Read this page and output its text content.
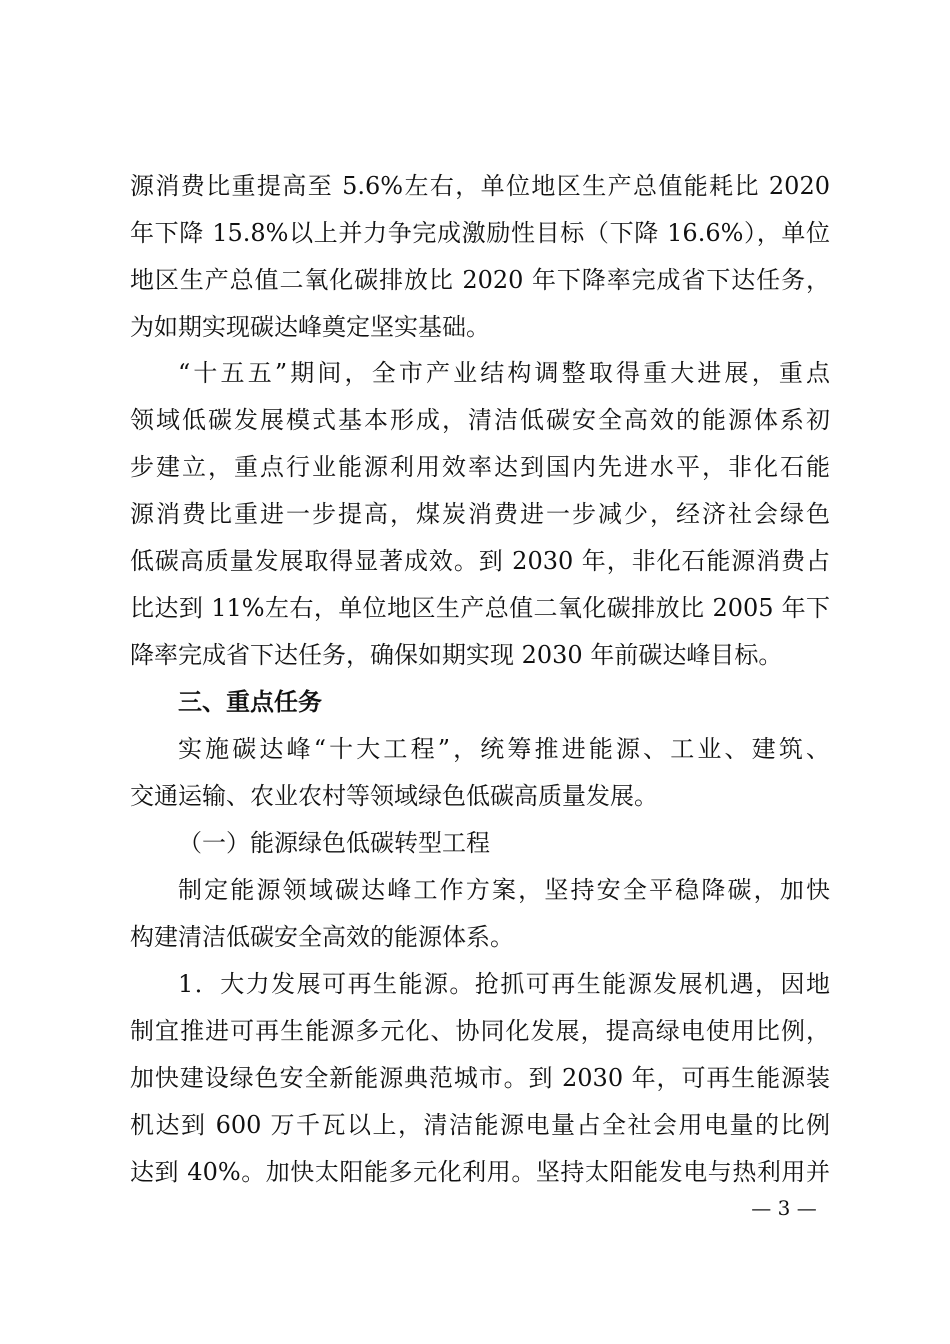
源消费比重提高至 5.6%左右，单位地区生产总值能耗比 2020
年下降 15.8%以上并力争完成激励性目标（下降 16.6%），单位
地区生产总值二氧化碳排放比 2020 年下降率完成省下达任务，
为如期实现碳达峰奠定坚实基础。
“十五五”期间，全市产业结构调整取得重大进展，重点
领域低碳发展模式基本形成，清洁低碳安全高效的能源体系初
步建立，重点行业能源利用效率达到国内先进水平，非化石能
源消费比重进一步提高，煤炭消费进一步减少，经济社会绿色
低碳高质量发展取得显著成效。到 2030 年，非化石能源消费占
比达到 11%左右，单位地区生产总值二氧化碳排放比 2005 年下
降率完成省下达任务，确保如期实现 2030 年前碳达峰目标。
三、重点任务
实施碳达峰“十大工程”，统筹推进能源、工业、建筑、
交通运输、农业农村等领域绿色低碳高质量发展。
（一）能源绿色低碳转型工程
制定能源领域碳达峰工作方案，坚持安全平稳降碳，加快
构建清洁低碳安全高效的能源体系。
1．大力发展可再生能源。抢抓可再生能源发展机遇，因地
制宜推进可再生能源多元化、协同化发展，提高绿电使用比例，
加快建设绿色安全新能源典范城市。到 2030 年，可再生能源装
机达到 600 万千瓦以上，清洁能源电量占全社会用电量的比例
达到 40%。加快太阳能多元化利用。坚持太阳能发电与热利用并
— 3 —
